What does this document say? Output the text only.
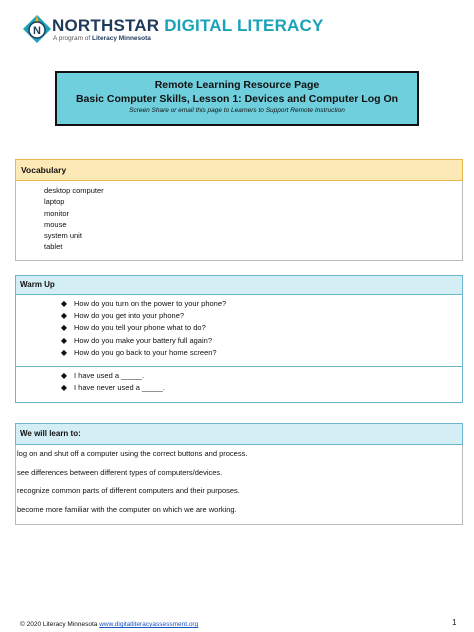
N NORTHSTAR DIGITAL LITERACY
A program of Literacy Minnesota
Remote Learning Resource Page
Basic Computer Skills, Lesson 1: Devices and Computer Log On
Screen Share or email this page to Learners to Support Remote Instruction
Vocabulary
desktop computer
laptop
monitor
mouse
system unit
tablet
Warm Up
◆ How do you turn on the power to your phone?
◆ How do you get into your phone?
◆ How do you tell your phone what to do?
◆ How do you make your battery full again?
◆ How do you go back to your home screen?
◆ I have used a _____.
◆ I have never used a _____.
We will learn to:
log on and shut off a computer using the correct buttons and process.
see differences between different types of computers/devices.
recognize common parts of different computers and their purposes.
become more familiar with the computer on which we are working.
© 2020 Literacy Minnesota www.digitalliteracyassessment.org	1
